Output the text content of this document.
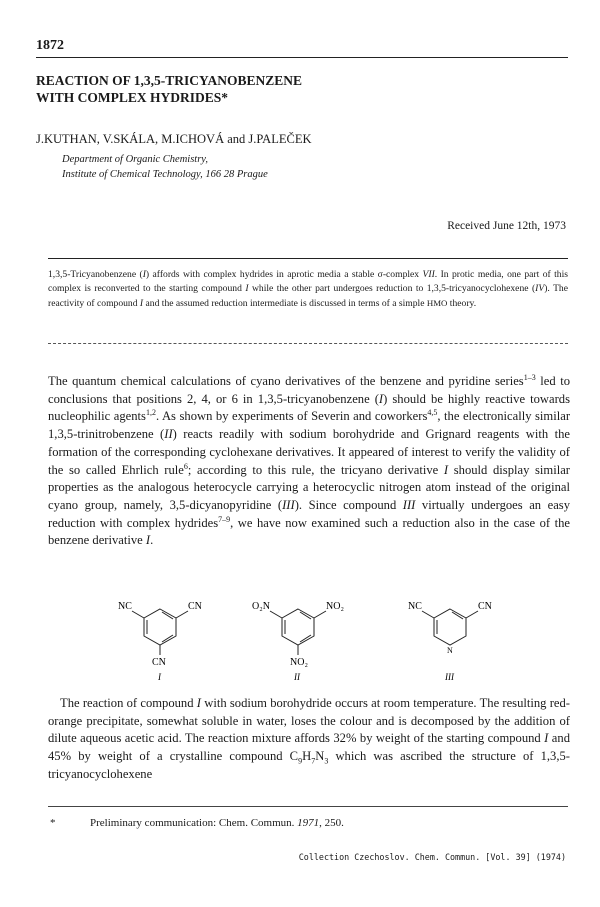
1872
REACTION OF 1,3,5-TRICYANOBENZENE
WITH COMPLEX HYDRIDES*
J.KUTHAN, V.SKÁLA, M.ICHOVÁ and J.PALEČEK
Department of Organic Chemistry,
Institute of Chemical Technology, 166 28 Prague
Received June 12th, 1973
1,3,5-Tricyanobenzene (I) affords with complex hydrides in aprotic media a stable σ-complex VII. In protic media, one part of this complex is reconverted to the starting compound I while the other part undergoes reduction to 1,3,5-tricyanocyclohexene (IV). The reactivity of compound I and the assumed reduction intermediate is discussed in terms of a simple HMO theory.

The quantum chemical calculations of cyano derivatives of the benzene and pyridine series$^{1-3}$ led to conclusions that positions 2, 4, or 6 in 1,3,5-tricyanobenzene (I) should be highly reactive towards nucleophilic agents$^{1,2}$. As shown by experiments of Severin and coworkers$^{4,5}$, the electronically similar 1,3,5-trinitrobenzene (II) reacts readily with sodium borohydride and Grignard reagents with the formation of the corresponding cyclohexane derivatives. It appeared of interest to verify the validity of the so called Ehrlich rule$^6$; according to this rule, the tricyano derivative I should display similar properties as the analogous heterocycle carrying a heterocyclic nitrogen atom instead of the original cyano group, namely, 3,5-dicyanopyridine (III). Since compound III virtually undergoes an easy reduction with complex hydrides$^{7-9}$, we have now examined such a reduction also in the case of the benzene derivative I.

NC	CN
CN
I
O₂N	NO₂
NO₂
II
NC	CN
N
III

The reaction of compound I with sodium borohydride occurs at room temperature. The resulting red-orange precipitate, somewhat soluble in water, loses the colour and is decomposed by the addition of dilute aqueous acetic acid. The reaction mixture affords 32% by weight of the starting compound I and 45% by weight of a crystalline compound $C_9H_7N_3$ which was ascribed the structure of 1,3,5-tricyanocyclohexene

*	Preliminary communication: Chem. Commun. 1971, 250.
Collection Czechoslov. Chem. Commun. [Vol. 39] (1974)
